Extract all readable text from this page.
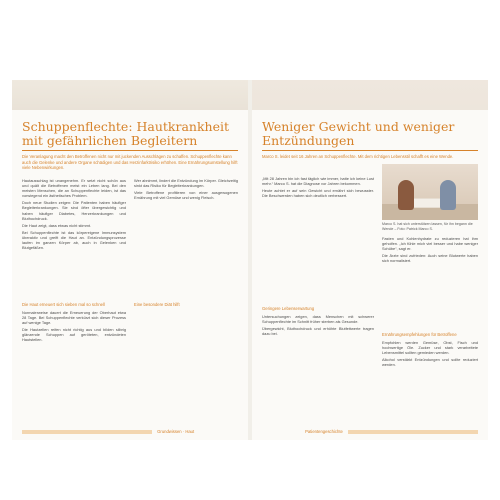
Schuppenflechte: Hautkrankheit mit gefährlichen Begleitern
Die Veranlagung macht den Betroffenen nicht nur mit juckenden Ausschlägen zu schaffen. Schuppenflechte kann auch die Gelenke und andere Organe schädigen und das Herzinfarktrisiko erhöhen. Eine Ernährungsumstellung hilft viele Nebenwirkungen.
Hautausschlag ist unangenehm. Er setzt nicht schön aus und quält die Betroffenen meist ein Leben lang. Bei den meisten Menschen, die an Schuppenflechte leiden, ist das vorwiegend ein ästhetisches Problem.
Doch neue Studien zeigen: Die Patienten haben häufiger Begleiterkrankungen. Sie sind öfter übergewichtig und haben häufiger Diabetes, Herzerkrankungen und Bluthochdruck.
Die Haut zeigt, dass etwas nicht stimmt.
Bei Schuppenflechte ist das körpereigene Immunsystem überaktiv und greift die Haut an. Entzündungsprozesse laufen im ganzen Körper ab, auch in Gelenken und Blutgefäßen.
Die Haut erneuert sich sieben mal so schnell
Normalerweise dauert die Erneuerung der Oberhaut etwa 28 Tage. Bei Schuppenflechte verkürzt sich dieser Prozess auf wenige Tage.
Die Hautzellen reifen nicht richtig aus und bilden silbrig glänzende Schuppen auf geröteten, entzündeten Hautstellen.
Wer abnimmt, lindert die Entzündung im Körper. Gleichzeitig sinkt das Risiko für Begleiterkrankungen.
Viele Betroffene profitieren von einer ausgewogenen Ernährung mit viel Gemüse und wenig Fleisch.
Eine besondere Diät hilft
Grundwissen · Haut
Weniger Gewicht und weniger Entzündungen
Marco S. leidet seit 16 Jahren an Schuppenflechte. Mit dem richtigen Lebensstil schafft es eine Wende.
„Mit 28 Jahren bin ich fast täglich wie immer, hatte ich keine Lust mehr.“ Marco S. hat die Diagnose vor Jahren bekommen.
Heute achtet er auf sein Gewicht und ernährt sich bewusster. Die Beschwerden haben sich deutlich verbessert.
Geringere Lebenserwartung
Untersuchungen zeigen, dass Menschen mit schwerer Schuppenflechte im Schnitt früher sterben als Gesunde.
Übergewicht, Bluthochdruck und erhöhte Blutfettwerte tragen dazu bei.
Marco S. hat sich unterstützen lassen, für ihn begann die Wende – Foto: Patrick Marco S.
Fasten und Kohlenhydrate zu reduzieren hat ihm geholfen. „Ich fühle mich viel besser und habe weniger Schübe“, sagt er.
Die Ärzte sind zufrieden: Auch seine Blutwerte haben sich normalisiert.
Ernährungsempfehlungen für Betroffene
Empfohlen werden Gemüse, Obst, Fisch und hochwertige Öle. Zucker und stark verarbeitete Lebensmittel sollten gemieden werden.
Alkohol verstärkt Entzündungen und sollte reduziert werden.
Patientengeschichte
